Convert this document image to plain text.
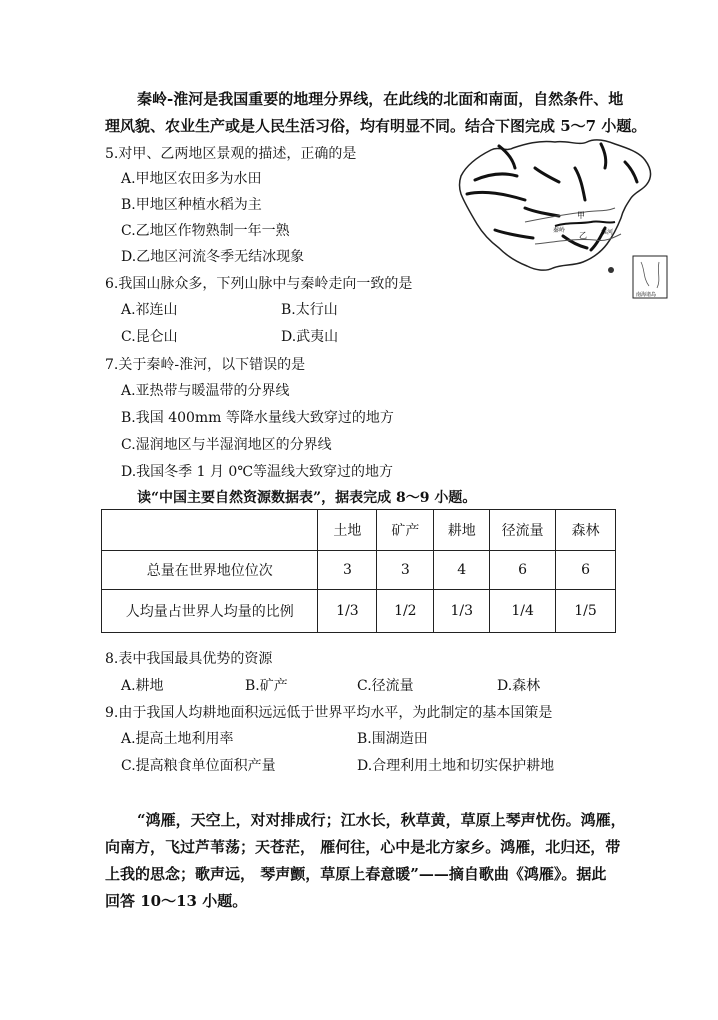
秦岭-淮河是我国重要的地理分界线，在此线的北面和南面，自然条件、地
理风貌、农业生产或是人民生活习俗，均有明显不同。结合下图完成 5～7 小题。
甲
淮河
秦岭
乙
南海诸岛
5.对甲、乙两地区景观的描述，正确的是
A.甲地区农田多为水田
B.甲地区种植水稻为主
C.乙地区作物熟制一年一熟
D.乙地区河流冬季无结冰现象
6.我国山脉众多，下列山脉中与秦岭走向一致的是
A.祁连山	B.太行山
C.昆仑山	D.武夷山
7.关于秦岭-淮河，以下错误的是
A.亚热带与暖温带的分界线
B.我国 400mm 等降水量线大致穿过的地方
C.湿润地区与半湿润地区的分界线
D.我国冬季 1 月 0℃等温线大致穿过的地方
读“中国主要自然资源数据表”，据表完成 8～9 小题。
	土地	矿产	耕地	径流量	森林
总量在世界地位位次	3	3	4	6	6
人均量占世界人均量的比例	1/3	1/2	1/3	1/4	1/5
8.表中我国最具优势的资源
A.耕地	B.矿产	C.径流量	D.森林
9.由于我国人均耕地面积远远低于世界平均水平，为此制定的基本国策是
A.提高土地利用率	B.围湖造田
C.提高粮食单位面积产量	D.合理利用土地和切实保护耕地
“鸿雁，天空上，对对排成行；江水长，秋草黄，草原上琴声忧伤。鸿雁，
向南方，飞过芦苇荡；天苍茫， 雁何往，心中是北方家乡。鸿雁，北归还，带
上我的思念；歌声远， 琴声颤，草原上春意暖”——摘自歌曲《鸿雁》。据此
回答 10～13 小题。
